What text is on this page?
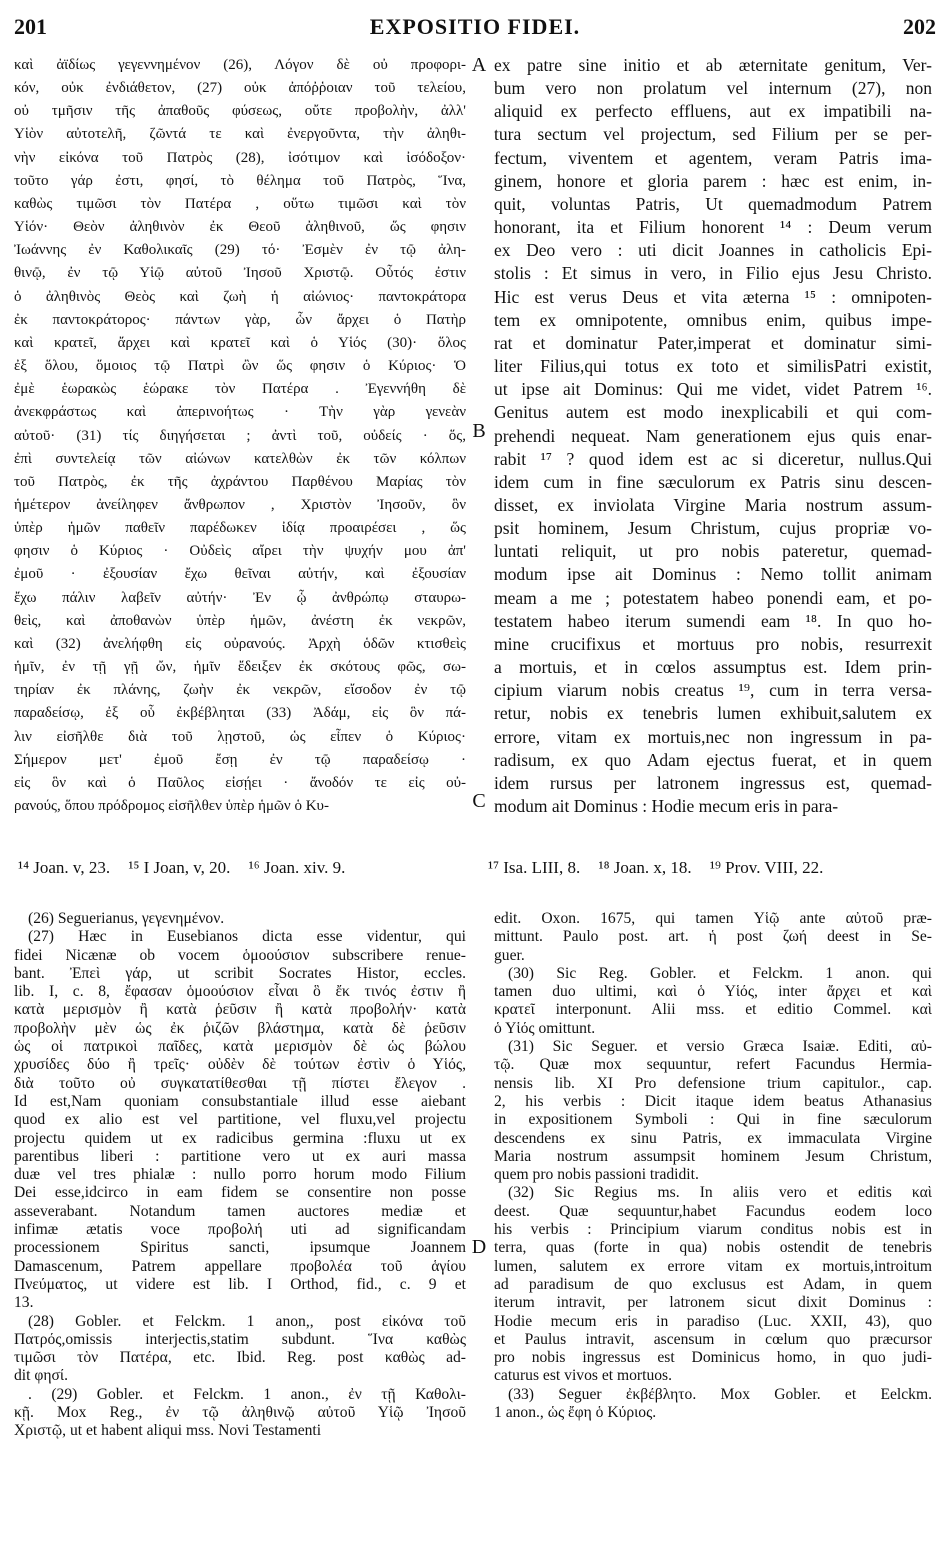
201	EXPOSITIO FIDEI.	202
καὶ ἀϊδίως γεγεννημένον (26), Λόγον δὲ οὐ προφορι-
κόν, οὐκ ἐνδιάθετον, (27) οὐκ ἀπόῤῥοιαν τοῦ τελείου,
οὐ τμῆσιν τῆς ἀπαθοῦς φύσεως, οὔτε προβολὴν, ἀλλ'
Υἱὸν αὐτοτελῆ, ζῶντά τε καὶ ἐνεργοῦντα, τὴν ἀληθι-
νὴν εἰκόνα τοῦ Πατρὸς (28), ἰσότιμον καὶ ἰσόδοξον·
τοῦτο γάρ ἐστι, φησί, τὸ θέλημα τοῦ Πατρὸς, Ἵνα,
καθὼς τιμῶσι τὸν Πατέρα , οὕτω τιμῶσι καὶ τὸν
Υἱόν· Θεὸν ἀληθινὸν ἐκ Θεοῦ ἀληθινοῦ, ὥς φησιν
Ἰωάννης ἐν Καθολικαῖς (29) τό· Ἐσμὲν ἐν τῷ ἀλη-
θινῷ, ἐν τῷ Υἱῷ αὐτοῦ Ἰησοῦ Χριστῷ. Οὗτός ἐστιν
ὁ ἀληθινὸς Θεὸς καὶ ζωὴ ἡ αἰώνιος· παντοκράτορα
ἐκ παντοκράτορος· πάντων γὰρ, ὧν ἄρχει ὁ Πατὴρ
καὶ κρατεῖ, ἄρχει καὶ κρατεῖ καὶ ὁ Υἱός (30)· ὅλος
ἐξ ὅλου, ὅμοιος τῷ Πατρὶ ὢν ὥς φησιν ὁ Κύριος· Ὁ
ἐμὲ ἑωρακὼς ἑώρακε τὸν Πατέρα . Ἐγεννήθη δὲ
ἀνεκφράστως καὶ ἀπερινοήτως · Τὴν γὰρ γενεὰν
αὐτοῦ· (31) τίς διηγήσεται ; ἀντὶ τοῦ, οὐδείς · ὅς,
ἐπὶ συντελείᾳ τῶν αἰώνων κατελθὼν ἐκ τῶν κόλπων
τοῦ Πατρὸς, ἐκ τῆς ἀχράντου Παρθένου Μαρίας τὸν
ἡμέτερον ἀνείληφεν ἄνθρωπον , Χριστὸν Ἰησοῦν, ὃν
ὑπὲρ ἡμῶν παθεῖν παρέδωκεν ἰδίᾳ προαιρέσει , ὥς
φησιν ὁ Κύριος · Οὐδεὶς αἴρει τὴν ψυχήν μου ἀπ'
ἐμοῦ · ἐξουσίαν ἔχω θεῖναι αὐτήν, καὶ ἐξουσίαν
ἔχω πάλιν λαβεῖν αὐτήν· Ἐν ᾧ ἀνθρώπῳ σταυρω-
θεὶς, καὶ ἀποθανὼν ὑπὲρ ἡμῶν, ἀνέστη ἐκ νεκρῶν,
καὶ (32) ἀνελήφθη εἰς οὐρανούς. Ἀρχὴ ὁδῶν κτισθεὶς
ἡμῖν, ἐν τῇ γῇ ὤν, ἡμῖν ἔδειξεν ἐκ σκότους φῶς, σω-
τηρίαν ἐκ πλάνης, ζωὴν ἐκ νεκρῶν, εἴσοδον ἐν τῷ
παραδείσῳ, ἐξ οὗ ἐκβέβληται (33) Ἀδάμ, εἰς ὃν πά-
λιν εἰσῆλθε διὰ τοῦ λῃστοῦ, ὡς εἶπεν ὁ Κύριος·
Σήμερον μετ' ἐμοῦ ἔσῃ ἐν τῷ παραδείσῳ ·
εἰς ὃν καὶ ὁ Παῦλος εἰσῄει · ἄνοδόν τε εἰς οὐ-
ρανούς, ὅπου πρόδρομος εἰσῆλθεν ὑπὲρ ἡμῶν ὁ Κυ-
ex patre sine initio et ab æternitate genitum, Ver-
bum vero non prolatum vel internum (27), non
aliquid ex perfecto effluens, aut ex impatibili na-
tura sectum vel projectum, sed Filium per se per-
fectum, viventem et agentem, veram Patris ima-
ginem, honore et gloria parem : hæc est enim, in-
quit, voluntas Patris, Ut quemadmodum Patrem
honorant, ita et Filium honorent ¹⁴ : Deum verum
ex Deo vero : uti dicit Joannes in catholicis Epi-
stolis : Et simus in vero, in Filio ejus Jesu Christo.
Hic est verus Deus et vita æterna ¹⁵ : omnipoten-
tem ex omnipotente, omnibus enim, quibus impe-
rat et dominatur Pater,imperat et dominatur simi-
liter Filius,qui totus ex toto et similisPatri existit,
ut ipse ait Dominus: Qui me videt, videt Patrem ¹⁶.
Genitus autem est modo inexplicabili et qui com-
prehendi nequeat. Nam generationem ejus quis enar-
rabit ¹⁷ ? quod idem est ac si diceretur, nullus.Qui
idem cum in fine sæculorum ex Patris sinu descen-
disset, ex inviolata Virgine Maria nostrum assum-
psit hominem, Jesum Christum, cujus propriæ vo-
luntati reliquit, ut pro nobis pateretur, quemad-
modum ipse ait Dominus : Nemo tollit animam
meam a me ; potestatem habeo ponendi eam, et po-
testatem habeo iterum sumendi eam ¹⁸. In quo ho-
mine crucifixus et mortuus pro nobis, resurrexit
a mortuis, et in cœlos assumptus est. Idem prin-
cipium viarum nobis creatus ¹⁹, cum in terra versa-
retur, nobis ex tenebris lumen exhibuit,salutem ex
errore, vitam ex mortuis,nec non ingressum in pa-
radisum, ex quo Adam ejectus fuerat, et in quem
idem rursus per latronem ingressus est, quemad-
modum ait Dominus : Hodie mecum eris in para-
A
B
C
D
¹⁴ Joan. v, 23. ¹⁵ I Joan, v, 20. ¹⁶ Joan. xiv. 9.	¹⁷ Isa. LIII, 8. ¹⁸ Joan. x, 18. ¹⁹ Prov. VIII, 22.
(26) Seguerianus, γεγενημένον.
(27) Hæc in Eusebianos dicta esse videntur, qui
fidei Nicænæ ob vocem ὁμοούσιον subscribere renue-
bant. Ἐπεὶ γάρ, ut scribit Socrates Histor, eccles.
lib. I, c. 8, ἔφασαν ὁμοούσιον εἶναι ὃ ἔκ τινός ἐστιν ἢ
κατὰ μερισμὸν ἢ κατὰ ῥεῦσιν ἢ κατὰ προβολήν· κατὰ
προβολὴν μὲν ὡς ἐκ ῥιζῶν βλάστημα, κατὰ δὲ ῥεῦσιν
ὡς οἱ πατρικοὶ παῖδες, κατὰ μερισμὸν δὲ ὡς βώλου
χρυσίδες δύο ἢ τρεῖς· οὐδὲν δὲ τούτων ἐστὶν ὁ Υἱός,
διὰ τοῦτο οὐ συγκατατίθεσθαι τῇ πίστει ἔλεγον .
Id est,Nam quoniam consubstantiale illud esse aiebant
quod ex alio est vel partitione, vel fluxu,vel projectu
projectu quidem ut ex radicibus germina :fluxu ut ex
parentibus liberi : partitione vero ut ex auri massa
duæ vel tres phialæ : nullo porro horum modo Filium
Dei esse,idcirco in eam fidem se consentire non posse
asseverabant. Notandum tamen auctores mediæ et
infimæ ætatis voce προβολή uti ad significandam
processionem Spiritus sancti, ipsumque Joannem
Damascenum, Patrem appellare προβολέα τοῦ ἁγίου
Πνεύματος, ut videre est lib. I Orthod, fid., c. 9 et
13.
(28) Gobler. et Felckm. 1 anon,, post εἰκόνα τοῦ
Πατρός,omissis interjectis,statim subdunt. Ἵνα καθὼς
τιμῶσι τὸν Πατέρα, etc. Ibid. Reg. post καθὼς ad-
dit φησί.
. (29) Gobler. et Felckm. 1 anon., ἐν τῇ Καθολι-
κῇ. Mox Reg., ἐν τῷ ἀληθινῷ αὐτοῦ Υἱῷ Ἰησοῦ
Χριστῷ, ut et habent aliqui mss. Novi Testamenti
edit. Oxon. 1675, qui tamen Υἱῷ ante αὐτοῦ præ-
mittunt. Paulo post. art. ἡ post ζωή deest in Se-
guer.
(30) Sic Reg. Gobler. et Felckm. 1 anon. qui
tamen duo ultimi, καὶ ὁ Υἱός, inter ἄρχει et καὶ
κρατεῖ interponunt. Alii mss. et editio Commel. καὶ
ὁ Υἱός omittunt.
(31) Sic Seguer. et versio Græca Isaiæ. Editi, αὐ-
τῷ. Quæ mox sequuntur, refert Facundus Hermia-
nensis lib. XI Pro defensione trium capitulor., cap.
2, his verbis : Dicit itaque idem beatus Athanasius
in expositionem Symboli : Qui in fine sæculorum
descendens ex sinu Patris, ex immaculata Virgine
Maria nostrum assumpsit hominem Jesum Christum,
quem pro nobis passioni tradidit.
(32) Sic Regius ms. In aliis vero et editis καὶ
deest. Quæ sequuntur,habet Facundus eodem loco
his verbis : Principium viarum conditus nobis est in
terra, quas (forte in qua) nobis ostendit de tenebris
lumen, salutem ex errore vitam ex mortuis,introitum
ad paradisum de quo exclusus est Adam, in quem
iterum intravit, per latronem sicut dixit Dominus :
Hodie mecum eris in paradiso (Luc. XXII, 43), quo
et Paulus intravit, ascensum in cœlum quo præcursor
pro nobis ingressus est Dominicus homo, in quo judi-
caturus est vivos et mortuos.
(33) Seguer ἐκβέβλητο. Mox Gobler. et Eelckm.
1 anon., ὡς ἔφη ὁ Κύριος.
